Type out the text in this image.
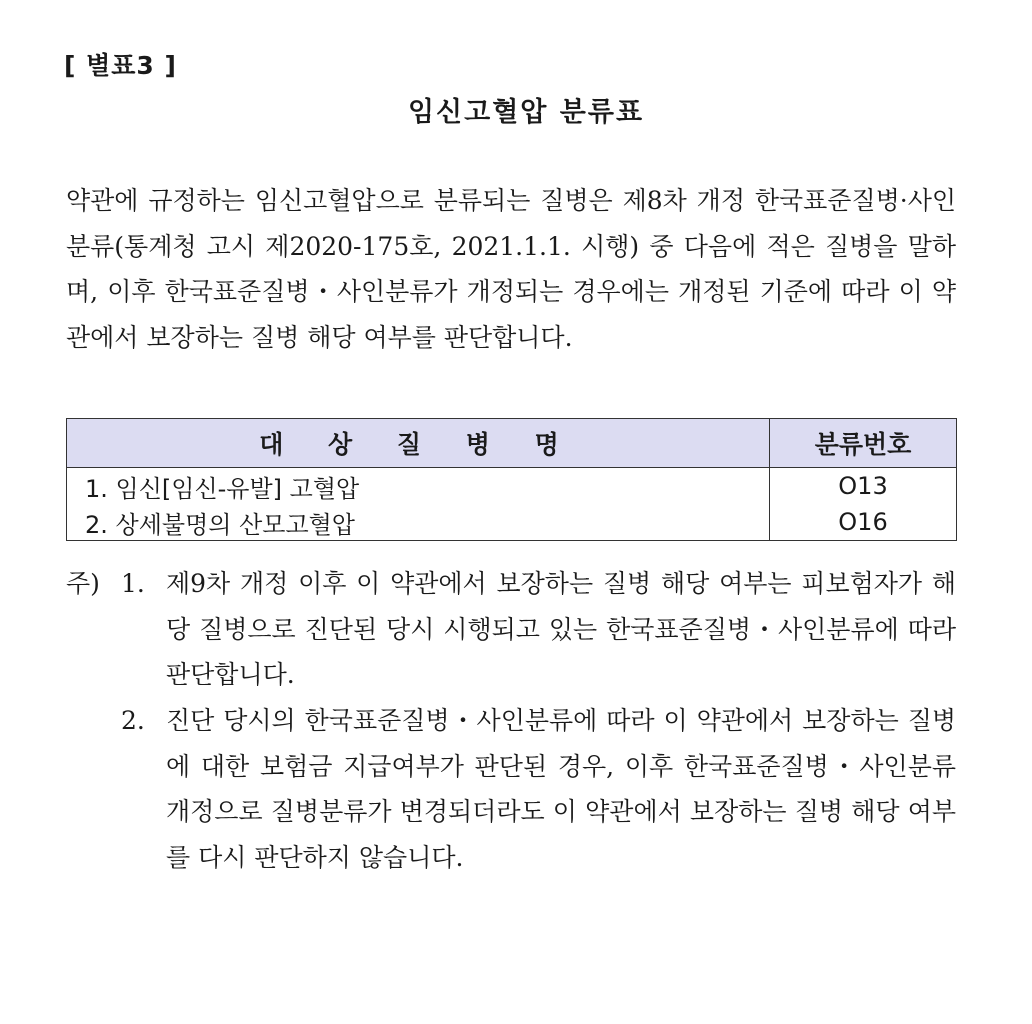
[ 별표3 ]
임신고혈압 분류표

약관에 규정하는 임신고혈압으로 분류되는 질병은 제8차 개정 한국표준질병·사인분류(통계청 고시 제2020-175호, 2021.1.1. 시행) 중 다음에 적은 질병을 말하며, 이후 한국표준질병・사인분류가 개정되는 경우에는 개정된 기준에 따라 이 약관에서 보장하는 질병 해당 여부를 판단합니다.

대 상 질 병 명	분류번호
1. 임신[임신-유발] 고혈압	O13
2. 상세불명의 산모고혈압	O16
주) 1. 제9차 개정 이후 이 약관에서 보장하는 질병 해당 여부는 피보험자가 해당 질병으로 진단된 당시 시행되고 있는 한국표준질병・사인분류에 따라 판단합니다.
2. 진단 당시의 한국표준질병・사인분류에 따라 이 약관에서 보장하는 질병에 대한 보험금 지급여부가 판단된 경우, 이후 한국표준질병・사인분류 개정으로 질병분류가 변경되더라도 이 약관에서 보장하는 질병 해당 여부를 다시 판단하지 않습니다.
